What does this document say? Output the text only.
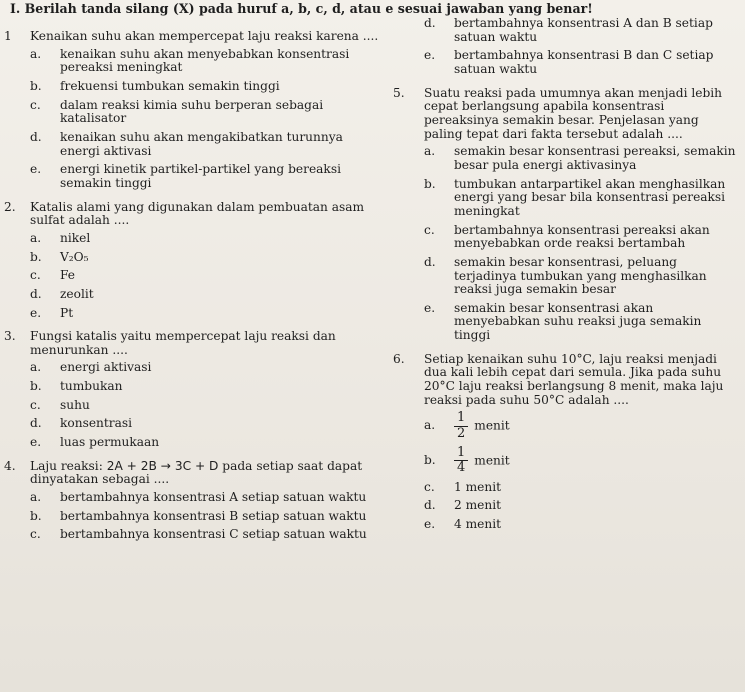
I. Berilah tanda silang (X) pada huruf a, b, c, d, atau e sesuai jawaban yang benar!
1 Kenaikan suhu akan mempercepat laju reaksi karena ....

a. kenaikan suhu akan menyebabkan konsentrasi pereaksi meningkat
b. frekuensi tumbukan semakin tinggi
c. dalam reaksi kimia suhu berperan sebagai katalisator
d. kenaikan suhu akan mengakibatkan turunnya energi aktivasi
e. energi kinetik partikel-partikel yang bereaksi semakin tinggi
2. Katalis alami yang digunakan dalam pembuatan asam sulfat adalah ....

a. nikel
b. V₂O₅
c. Fe
d. zeolit
e. Pt
3. Fungsi katalis yaitu mempercepat laju reaksi dan menurunkan ....

a. energi aktivasi
b. tumbukan
c. suhu
d. konsentrasi
e. luas permukaan
4. Laju reaksi: 2A + 2B → 3C + D pada setiap saat dapat dinyatakan sebagai ....

a. bertambahnya konsentrasi A setiap satuan waktu
b. bertambahnya konsentrasi B setiap satuan waktu
c. bertambahnya konsentrasi C setiap satuan waktu
d. bertambahnya konsentrasi A dan B setiap satuan waktu
e. bertambahnya konsentrasi B dan C setiap satuan waktu
5. Suatu reaksi pada umumnya akan menjadi lebih cepat berlangsung apabila konsentrasi pereaksinya semakin besar. Penjelasan yang paling tepat dari fakta tersebut adalah ....

a. semakin besar konsentrasi pereaksi, semakin besar pula energi aktivasinya
b. tumbukan antarpartikel akan menghasilkan energi yang besar bila konsentrasi pereaksi meningkat
c. bertambahnya konsentrasi pereaksi akan menyebabkan orde reaksi bertambah
d. semakin besar konsentrasi, peluang terjadinya tumbukan yang menghasilkan reaksi juga semakin besar
e. semakin besar konsentrasi akan menyebabkan suhu reaksi juga semakin tinggi
6. Setiap kenaikan suhu 10°C, laju reaksi menjadi dua kali lebih cepat dari semula. Jika pada suhu 20°C laju reaksi berlangsung 8 menit, maka laju reaksi pada suhu 50°C adalah ....

a. $\frac{1}{2}$ menit
b. $\frac{1}{4}$ menit
c. 1 menit
d. 2 menit
e. 4 menit
